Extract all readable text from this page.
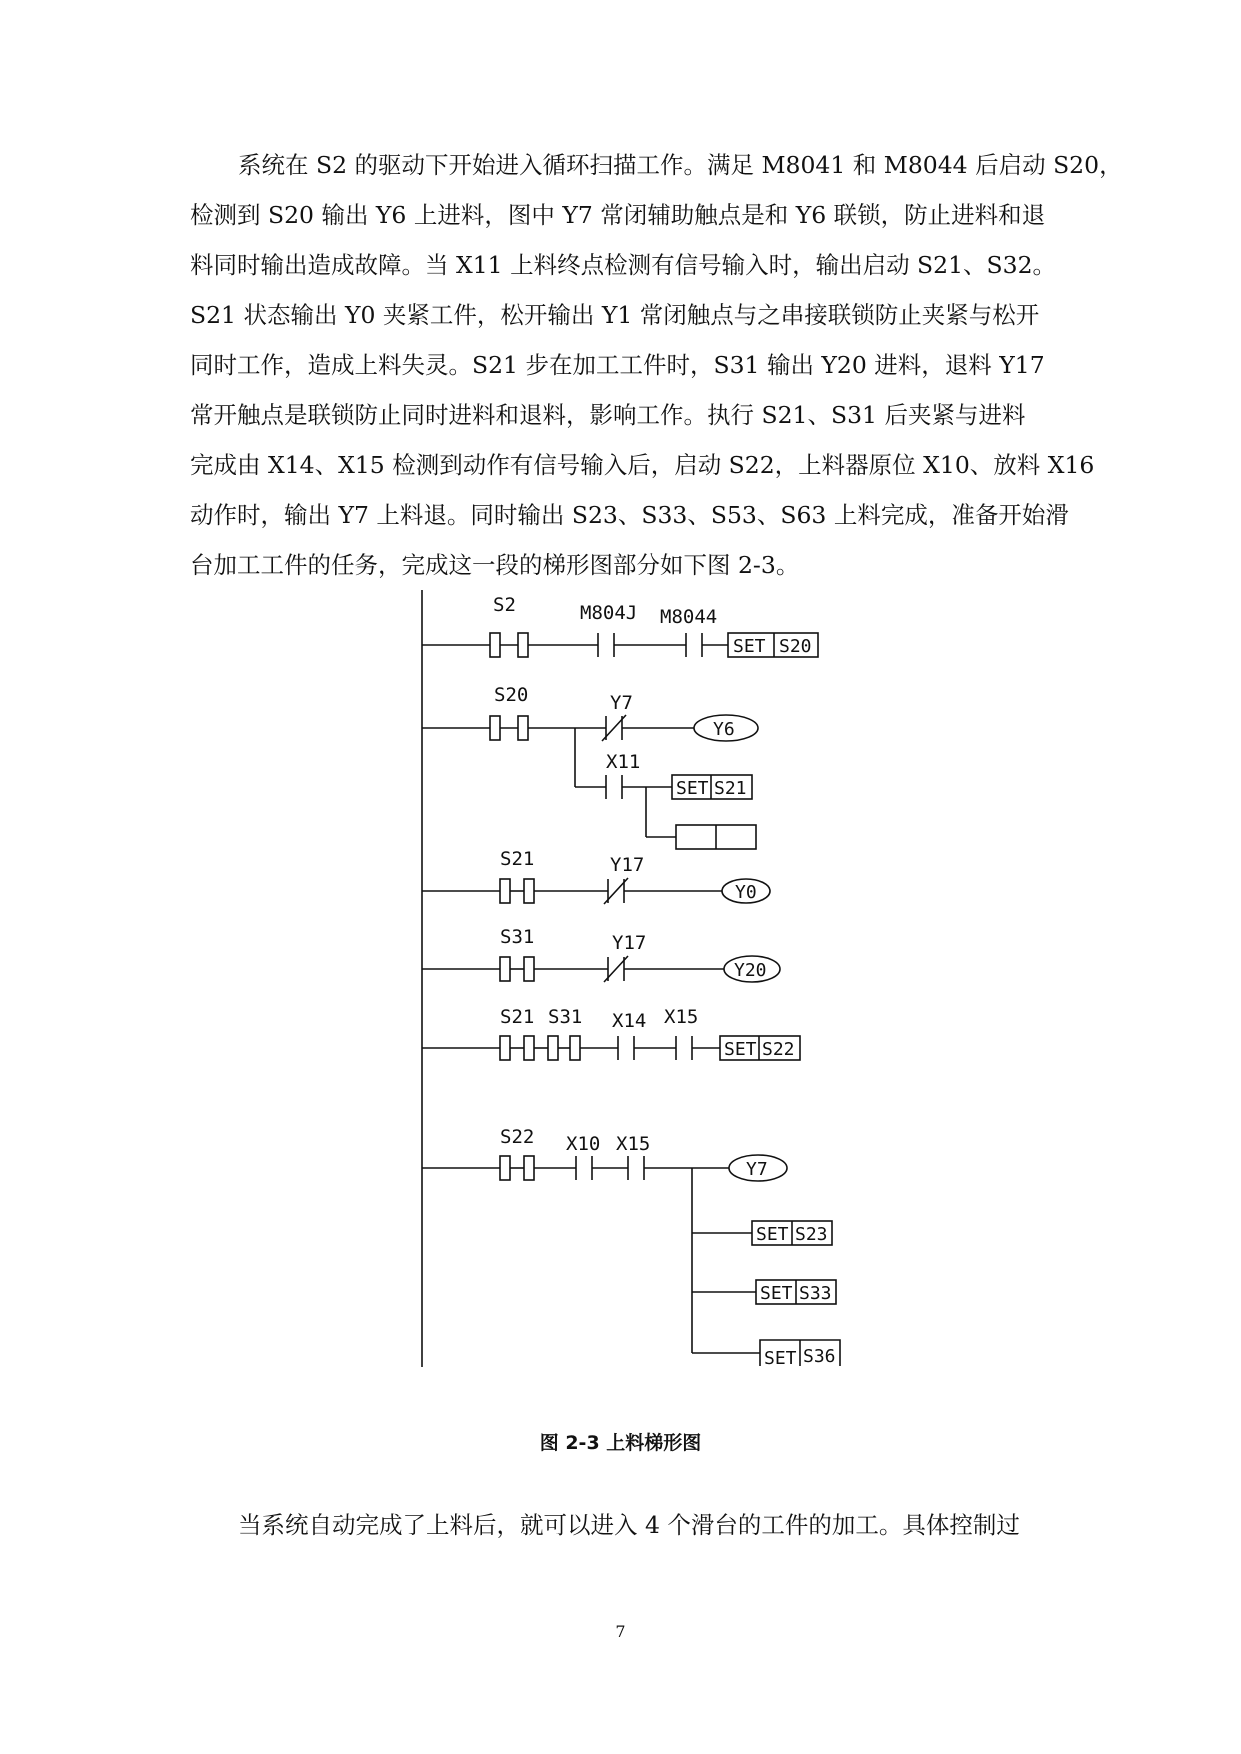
系统在 S2 的驱动下开始进入循环扫描工作。满足 M8041 和 M8044 后启动 S20，
检测到 S20 输出 Y6 上进料，图中 Y7 常闭辅助触点是和 Y6 联锁，防止进料和退
料同时输出造成故障。当 X11 上料终点检测有信号输入时，输出启动 S21、S32。
S21 状态输出 Y0 夹紧工件，松开输出 Y1 常闭触点与之串接联锁防止夹紧与松开
同时工作，造成上料失灵。S21 步在加工工件时，S31 输出 Y20 进料，退料 Y17
常开触点是联锁防止同时进料和退料，影响工作。执行 S21、S31 后夹紧与进料
完成由 X14、X15 检测到动作有信号输入后，启动 S22，上料器原位 X10、放料 X16
动作时，输出 Y7 上料退。同时输出 S23、S33、S53、S63 上料完成，准备开始滑
台加工工件的任务，完成这一段的梯形图部分如下图 2-3。
S2	M804J M8044
SET S20
S20	Y7
Y6
X11
SET S21
S21	Y17
Y0
S31	Y17
Y20
S21 S31 X14 X15
SET S22
S22 X10 X15
Y7
SET S23
SET S33
SET S36
图 2-3 上料梯形图
当系统自动完成了上料后，就可以进入 4 个滑台的工件的加工。具体控制过
7
